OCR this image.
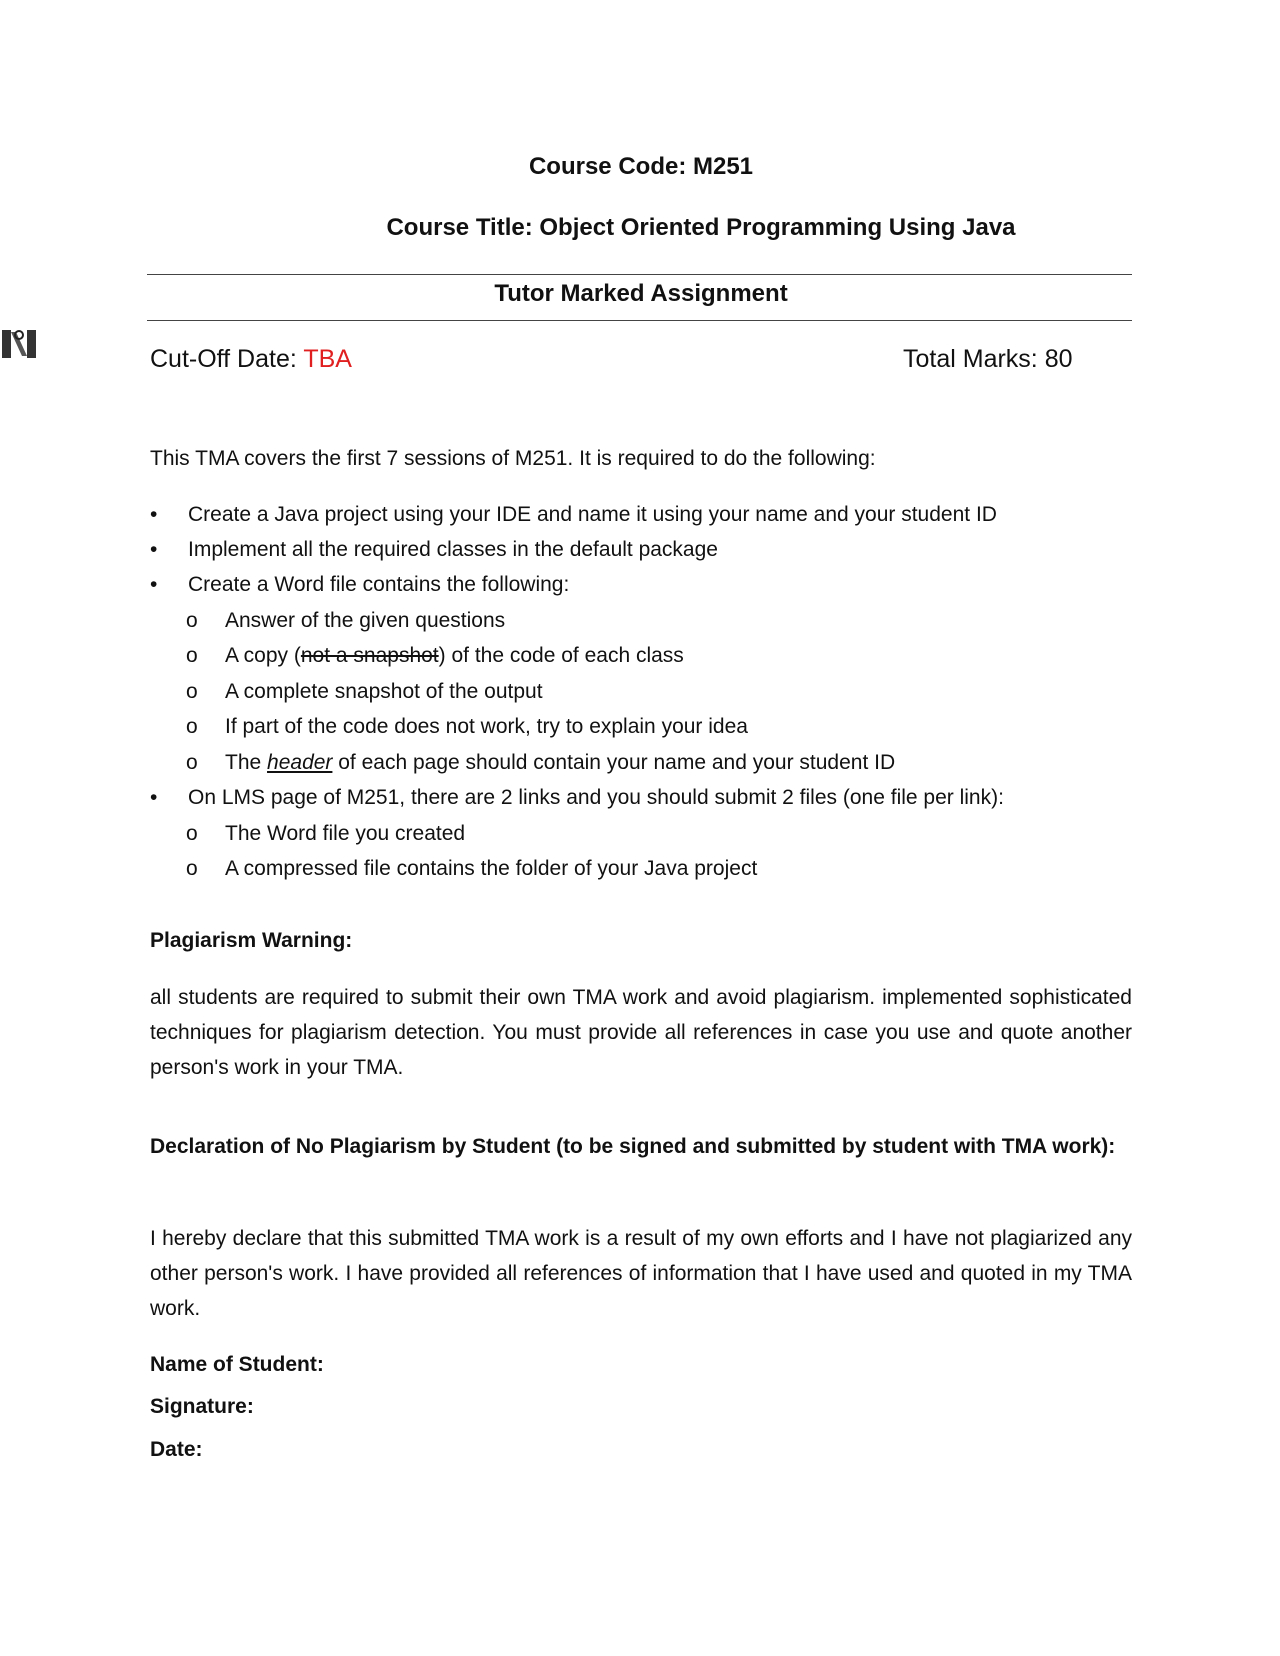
Course Code: M251
Course Title: Object Oriented Programming Using Java
Tutor Marked Assignment
Cut-Off Date: TBA	Total Marks: 80
This TMA covers the first 7 sessions of M251. It is required to do the following:
• Create a Java project using your IDE and name it using your name and your student ID
• Implement all the required classes in the default package
• Create a Word file contains the following:
o Answer of the given questions
o A copy (not a snapshot) of the code of each class
o A complete snapshot of the output
o If part of the code does not work, try to explain your idea
o The header of each page should contain your name and your student ID
• On LMS page of M251, there are 2 links and you should submit 2 files (one file per link):
o The Word file you created
o A compressed file contains the folder of your Java project
Plagiarism Warning:
all students are required to submit their own TMA work and avoid plagiarism. implemented sophisticated techniques for plagiarism detection. You must provide all references in case you use and quote another person's work in your TMA.
Declaration of No Plagiarism by Student (to be signed and submitted by student with TMA work):
I hereby declare that this submitted TMA work is a result of my own efforts and I have not plagiarized any other person's work. I have provided all references of information that I have used and quoted in my TMA work.
Name of Student:
Signature:
Date:
